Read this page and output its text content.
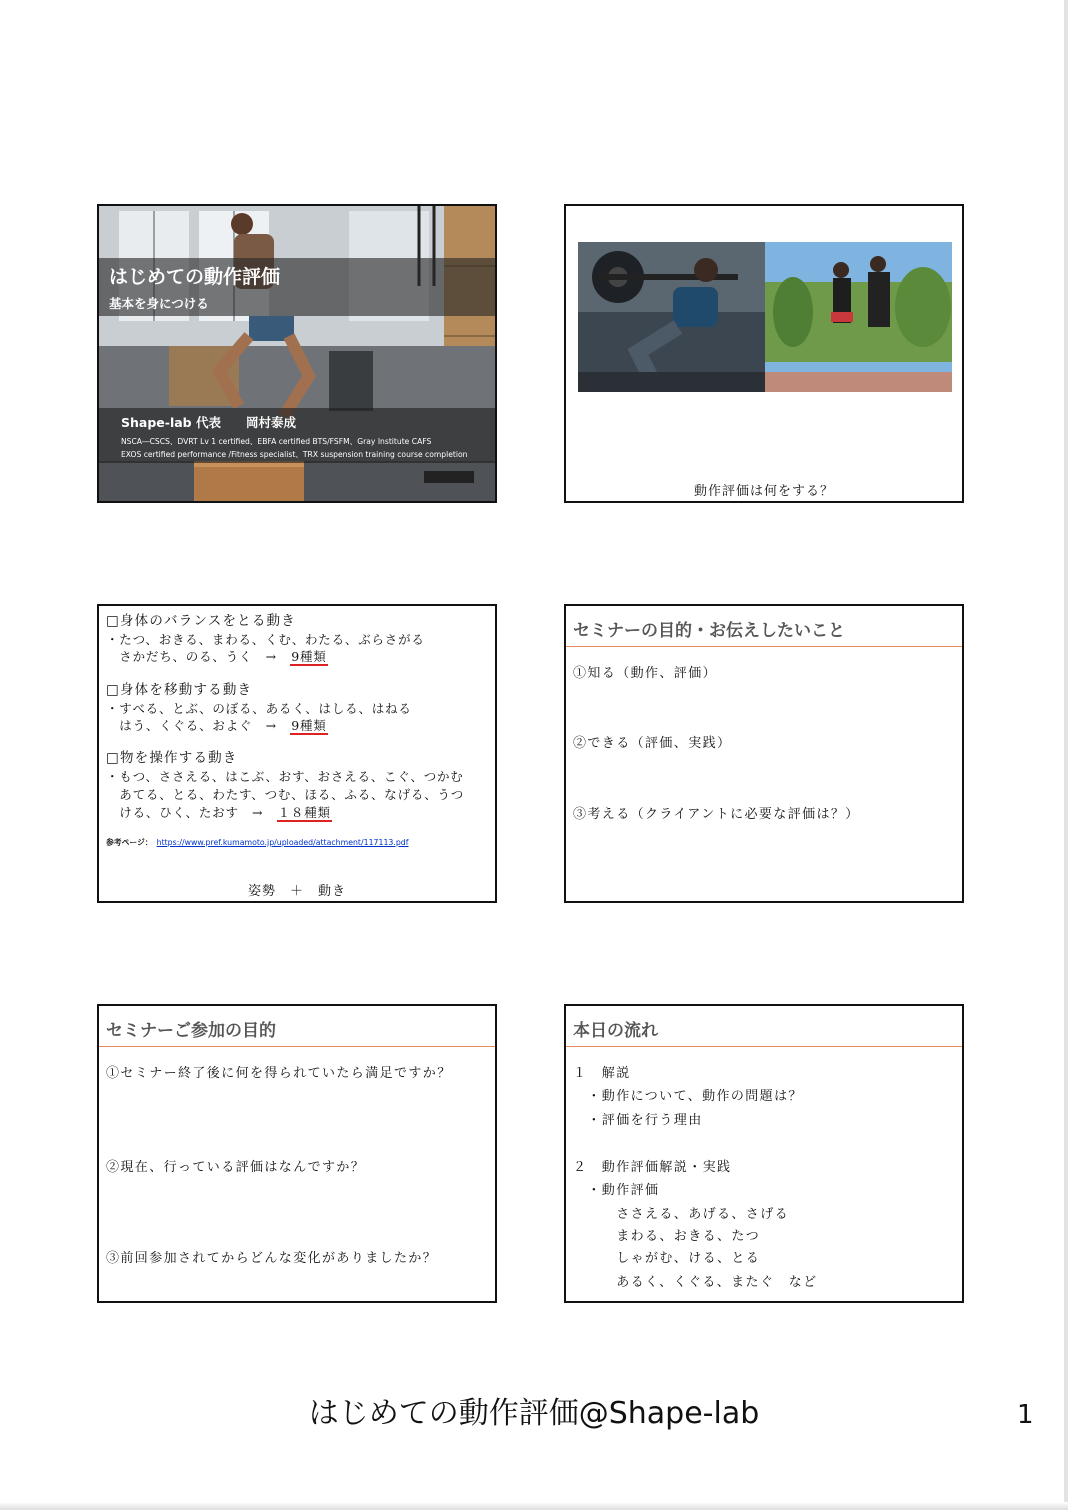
はじめての動作評価
基本を身につける
Shape-lab 代表　　岡村泰成
NSCA―CSCS、DVRT Lv 1 certified、EBFA certified BTS/FSFM、Gray Institute CAFS
EXOS certified performance /Fitness specialist、TRX suspension training course completion
動作評価は何をする？
□身体のバランスをとる動き
・たつ、おきる、まわる、くむ、わたる、ぶらさがる
　さかだち、のる、うく　→　9種類
□身体を移動する動き
・すべる、とぶ、のぼる、あるく、はしる、はねる
　はう、くぐる、およぐ　→　9種類
□物を操作する動き
・もつ、ささえる、はこぶ、おす、おさえる、こぐ、つかむ
　あてる、とる、わたす、つむ、ほる、ふる、なげる、うつ
　ける、ひく、たおす　→　１８種類
参考ページ： https://www.pref.kumamoto.jp/uploaded/attachment/117113.pdf
姿勢　＋　動き
セミナーの目的・お伝えしたいこと
①知る（動作、評価）
②できる（評価、実践）
③考える（クライアントに必要な評価は？）
セミナーご参加の目的
①セミナー終了後に何を得られていたら満足ですか？
②現在、行っている評価はなんですか？
③前回参加されてからどんな変化がありましたか？
本日の流れ
１　解説
　・動作について、動作の問題は？
　・評価を行う理由
２　動作評価解説・実践
　・動作評価
　　　ささえる、あげる、さげる
　　　まわる、おきる、たつ
　　　しゃがむ、ける、とる
　　　あるく、くぐる、またぐ　など
はじめての動作評価@Shape-lab	1
